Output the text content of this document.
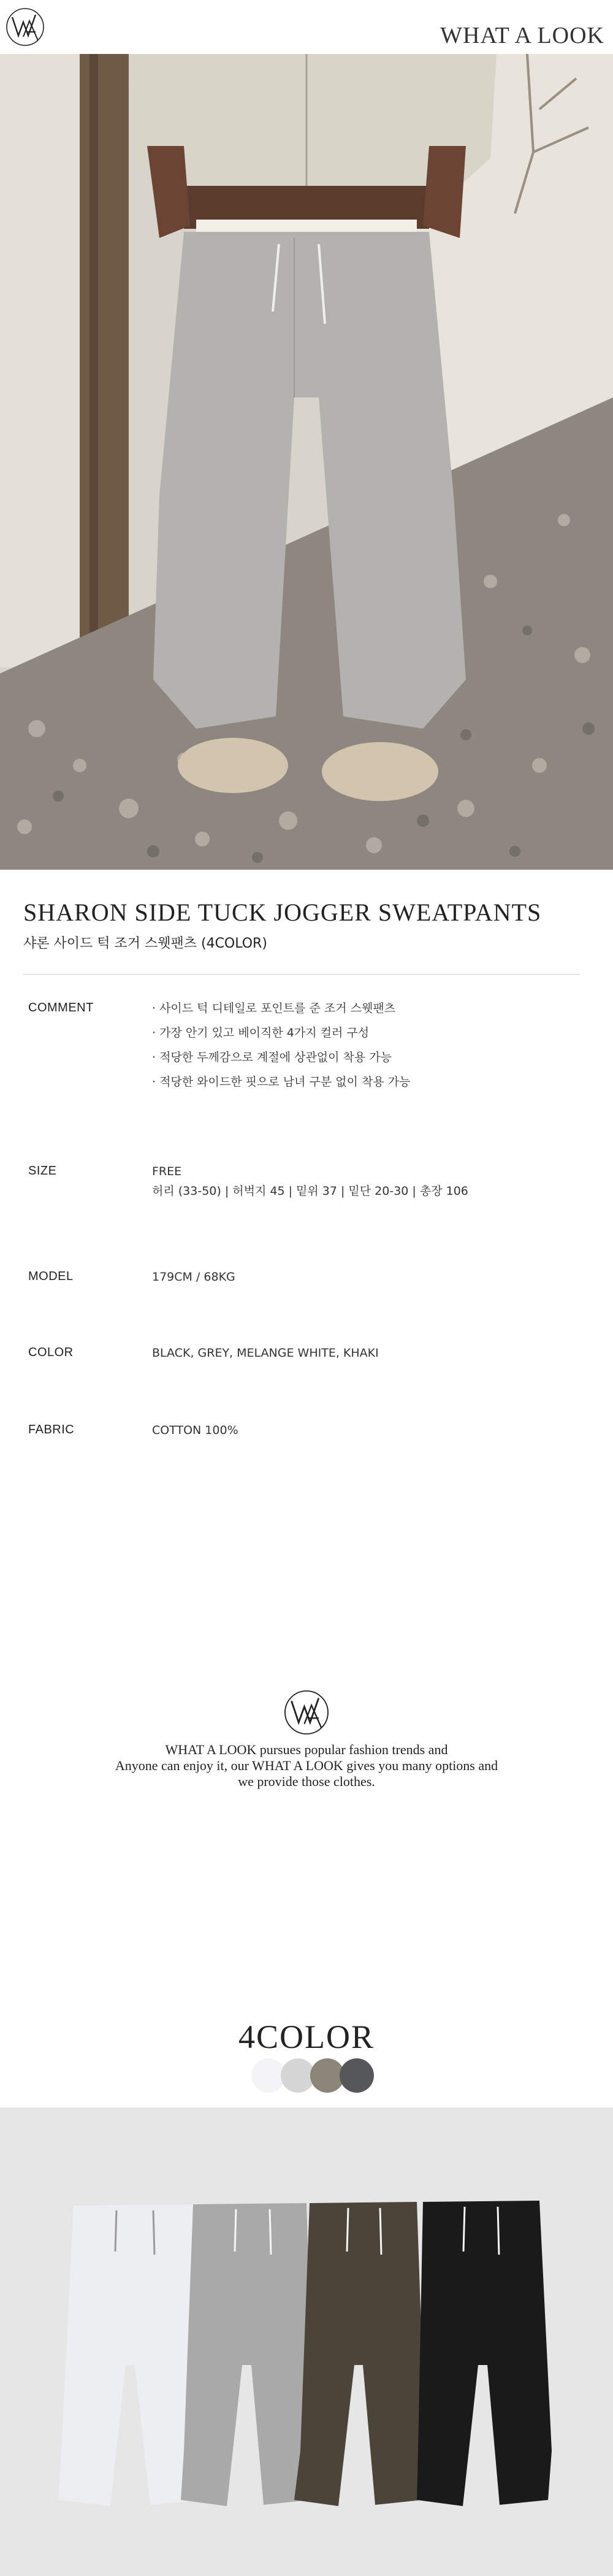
WHAT A LOOK
SHARON SIDE TUCK JOGGER SWEATPANTS
샤론 사이드 턱 조거 스웻팬츠 (4COLOR)
COMMENT	· 사이드 턱 디테일로 포인트를 준 조거 스웻팬츠
· 가장 안기 있고 베이직한 4가지 컬러 구성
· 적당한 두께감으로 계절에 상관없이 착용 가능
· 적당한 와이드한 핏으로 남녀 구분 없이 착용 가능
SIZE	FREE
허리 (33-50) | 허벅지 45 | 밑위 37 | 밑단 20-30 | 총장 106
MODEL	179CM / 68KG
COLOR	BLACK, GREY, MELANGE WHITE, KHAKI
FABRIC	COTTON 100%
WHAT A LOOK pursues popular fashion trends and
Anyone can enjoy it, our WHAT A LOOK gives you many options and
we provide those clothes.
4COLOR
